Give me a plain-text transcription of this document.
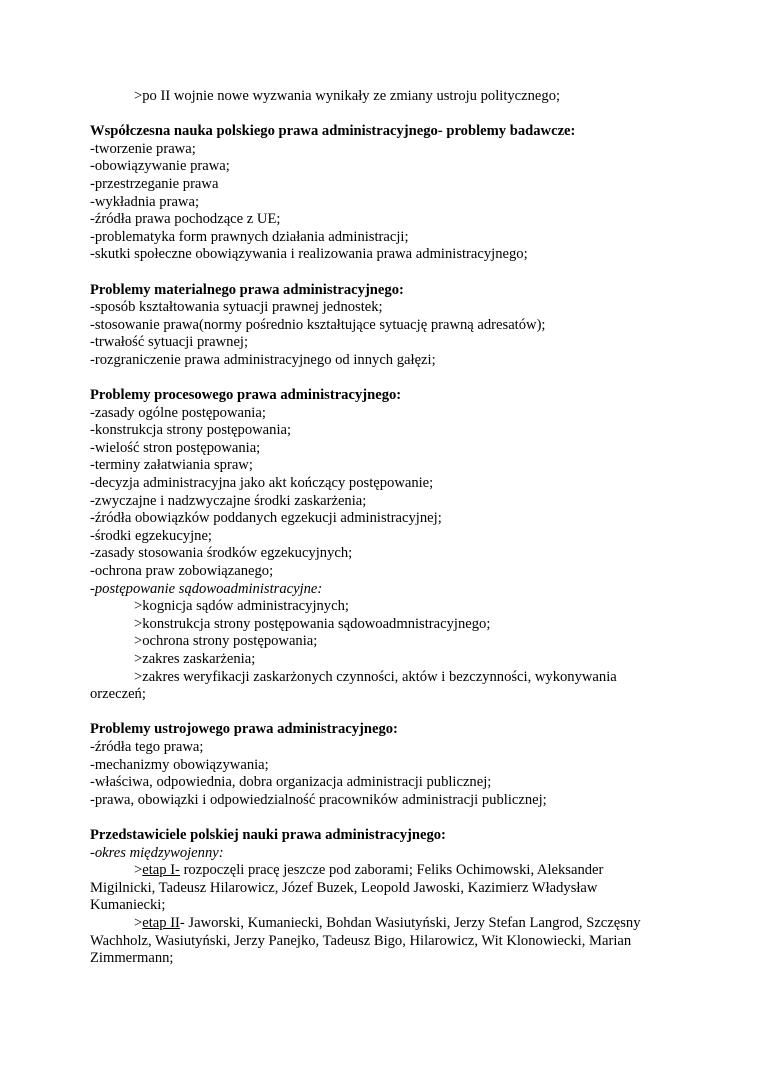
>po II wojnie nowe wyzwania wynikały ze zmiany ustroju politycznego;
Współczesna nauka polskiego prawa administracyjnego- problemy badawcze:
-tworzenie prawa;
-obowiązywanie prawa;
-przestrzeganie prawa
-wykładnia prawa;
-źródła prawa pochodzące z UE;
-problematyka form prawnych działania administracji;
-skutki społeczne obowiązywania i realizowania prawa administracyjnego;
Problemy materialnego prawa administracyjnego:
-sposób kształtowania sytuacji prawnej jednostek;
-stosowanie prawa(normy pośrednio kształtujące sytuację prawną adresatów);
-trwałość sytuacji prawnej;
-rozgraniczenie prawa administracyjnego od innych gałęzi;
Problemy procesowego prawa administracyjnego:
-zasady ogólne postępowania;
-konstrukcja strony postępowania;
-wielość stron postępowania;
-terminy załatwiania spraw;
-decyzja administracyjna jako akt kończący postępowanie;
-zwyczajne i nadzwyczajne środki zaskarżenia;
-źródła obowiązków poddanych egzekucji administracyjnej;
-środki egzekucyjne;
-zasady stosowania środków egzekucyjnych;
-ochrona praw zobowiązanego;
-postępowanie sądowoadministracyjne:
>kognicja sądów administracyjnych;
>konstrukcja strony postępowania sądowoadmnistracyjnego;
>ochrona strony postępowania;
>zakres zaskarżenia;
>zakres weryfikacji zaskarżonych czynności, aktów i bezczynności, wykonywania
orzeczeń;
Problemy ustrojowego prawa administracyjnego:
-źródła tego prawa;
-mechanizmy obowiązywania;
-właściwa, odpowiednia, dobra organizacja administracji publicznej;
-prawa, obowiązki i odpowiedzialność pracowników administracji publicznej;
Przedstawiciele polskiej nauki prawa administracyjnego:
-okres międzywojenny:
>etap I- rozpoczęli pracę jeszcze pod zaborami; Feliks Ochimowski, Aleksander
Migilnicki, Tadeusz Hilarowicz, Józef Buzek, Leopold Jawoski, Kazimierz Władysław
Kumaniecki;
>etap II- Jaworski, Kumaniecki, Bohdan Wasiutyński, Jerzy Stefan Langrod, Szczęsny
Wachholz, Wasiutyński, Jerzy Panejko, Tadeusz Bigo, Hilarowicz, Wit Klonowiecki, Marian
Zimmermann;
